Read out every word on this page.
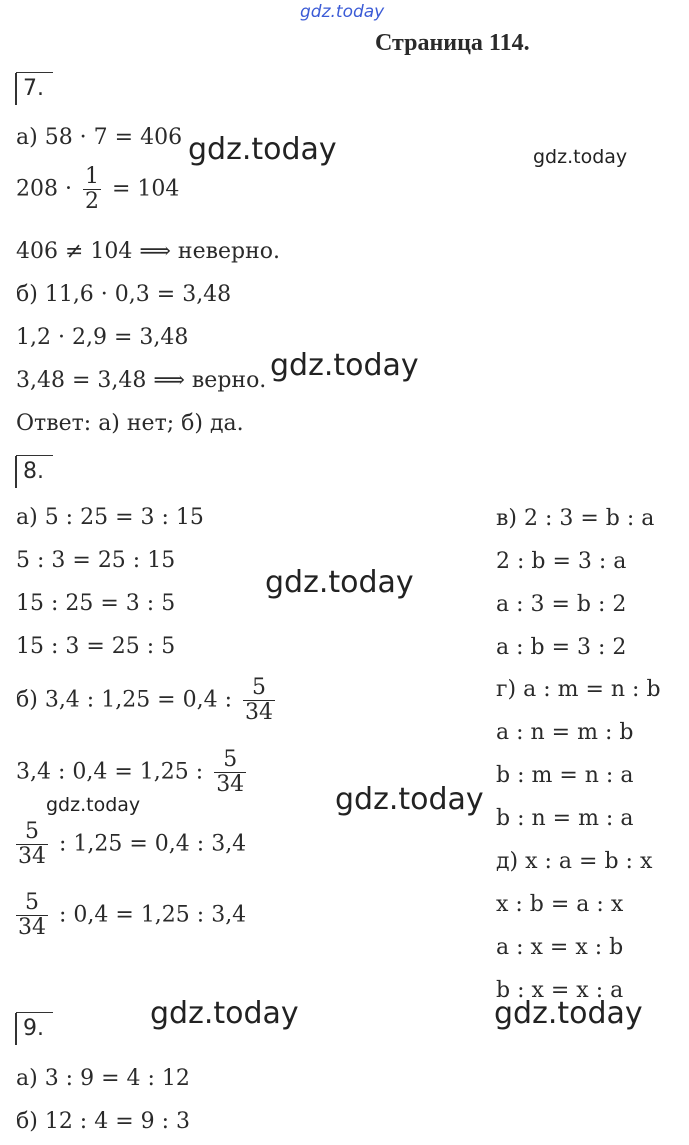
gdz.today
Страница 114.
7.
а) 58 · 7 = 406
$208 \cdot \frac{1}{2} = 104$
406 ≠ 104 ⟹ неверно.
б) 11,6 · 0,3 = 3,48
1,2 · 2,9 = 3,48
3,48 = 3,48 ⟹ верно.
Ответ: а) нет; б) да.
8.
а) 5 : 25 = 3 : 15
5 : 3 = 25 : 15
15 : 25 = 3 : 5
15 : 3 = 25 : 5
б) 3,4 : 1,25 = 0,4 : $\frac{5}{34}$
3,4 : 0,4 = 1,25 : $\frac{5}{34}$
$\frac{5}{34}$ : 1,25 = 0,4 : 3,4
$\frac{5}{34}$ : 0,4 = 1,25 : 3,4
в) 2 : 3 = b : a
2 : b = 3 : a
a : 3 = b : 2
a : b = 3 : 2
г) a : m = n : b
a : n = m : b
b : m = n : a
b : n = m : a
д) x : a = b : x
x : b = a : x
a : x = x : b
b : x = x : a
9.
а) 3 : 9 = 4 : 12
б) 12 : 4 = 9 : 3
gdz.today	gdz.today
gdz.today
gdz.today
gdz.today
gdz.today
gdz.today	gdz.today
